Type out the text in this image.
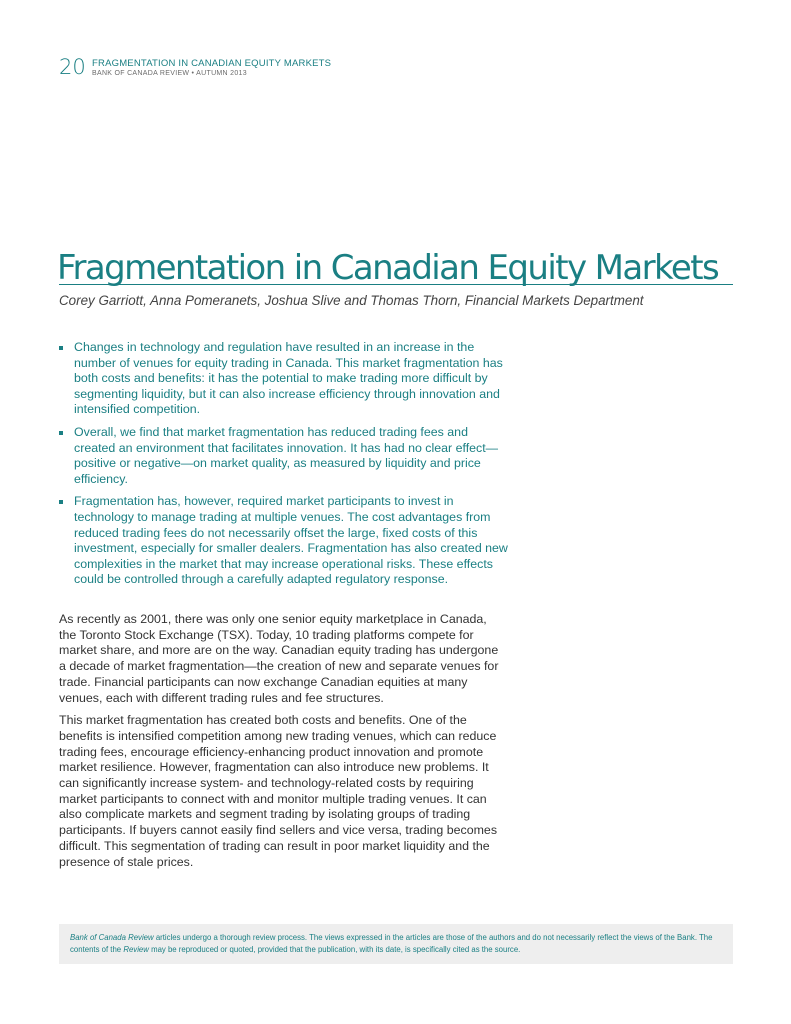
20 FRAGMENTATION IN CANADIAN EQUITY MARKETS
BANK OF CANADA REVIEW • AUTUMN 2013
Fragmentation in Canadian Equity Markets
Corey Garriott, Anna Pomeranets, Joshua Slive and Thomas Thorn, Financial Markets Department
Changes in technology and regulation have resulted in an increase in the number of venues for equity trading in Canada. This market fragmentation has both costs and benefits: it has the potential to make trading more difficult by segmenting liquidity, but it can also increase efficiency through innovation and intensified competition.
Overall, we find that market fragmentation has reduced trading fees and created an environment that facilitates innovation. It has had no clear effect—positive or negative—on market quality, as measured by liquidity and price efficiency.
Fragmentation has, however, required market participants to invest in technology to manage trading at multiple venues. The cost advantages from reduced trading fees do not necessarily offset the large, fixed costs of this investment, especially for smaller dealers. Fragmentation has also created new complexities in the market that may increase operational risks. These effects could be controlled through a carefully adapted regulatory response.

As recently as 2001, there was only one senior equity marketplace in Canada, the Toronto Stock Exchange (TSX). Today, 10 trading platforms compete for market share, and more are on the way. Canadian equity trading has undergone a decade of market fragmentation—the creation of new and separate venues for trade. Financial participants can now exchange Canadian equities at many venues, each with different trading rules and fee structures.

This market fragmentation has created both costs and benefits. One of the benefits is intensified competition among new trading venues, which can reduce trading fees, encourage efficiency-enhancing product innovation and promote market resilience. However, fragmentation can also introduce new problems. It can significantly increase system- and technology-related costs by requiring market participants to connect with and monitor multiple trading venues. It can also complicate markets and segment trading by isolating groups of trading participants. If buyers cannot easily find sellers and vice versa, trading becomes difficult. This segmentation of trading can result in poor market liquidity and the presence of stale prices.

Bank of Canada Review articles undergo a thorough review process. The views expressed in the articles are those of the authors and do not necessarily reflect the views of the Bank. The contents of the Review may be reproduced or quoted, provided that the publication, with its date, is specifically cited as the source.
